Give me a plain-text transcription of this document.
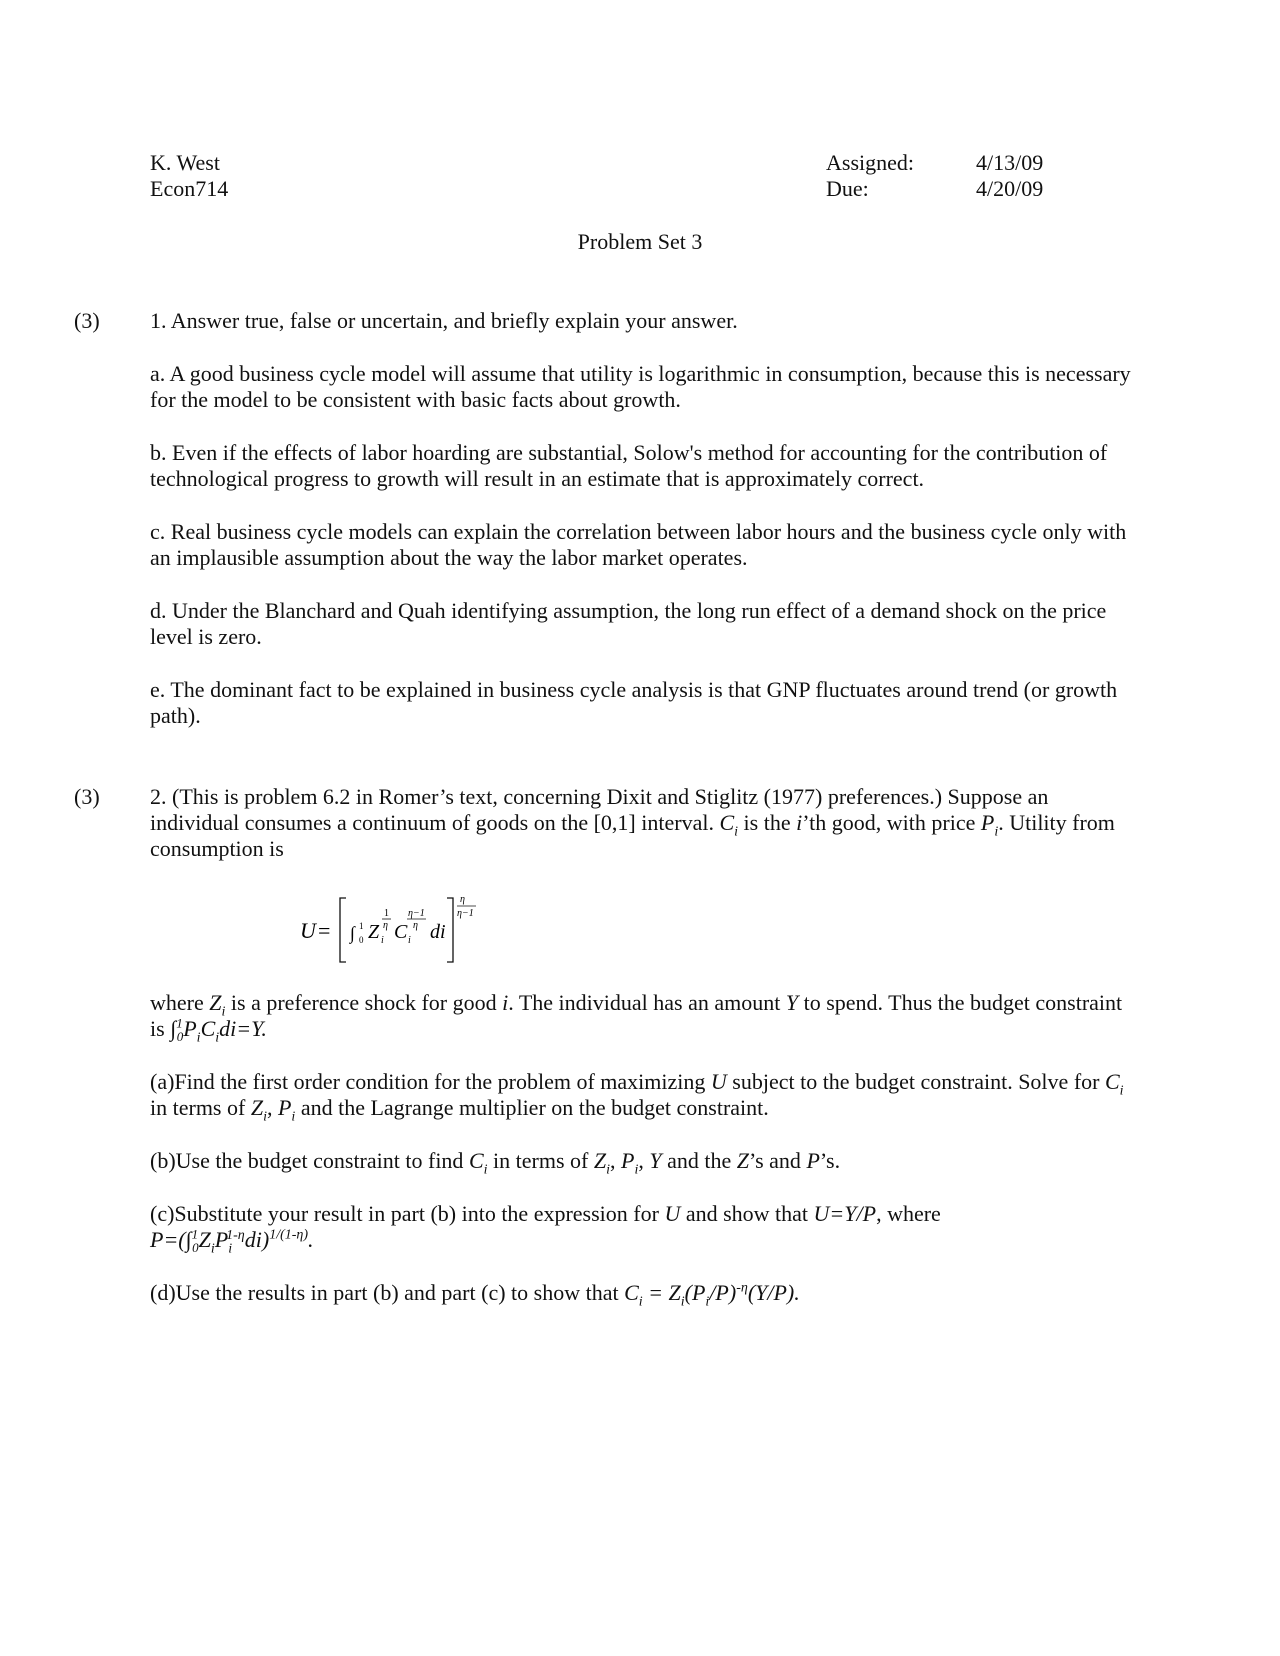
K. West
Econ714
Assigned:	4/13/09
Due:	4/20/09
Problem Set 3
(3) 1. Answer true, false or uncertain, and briefly explain your answer.
a. A good business cycle model will assume that utility is logarithmic in consumption, because this is necessary for the model to be consistent with basic facts about growth.
b. Even if the effects of labor hoarding are substantial, Solow's method for accounting for the contribution of technological progress to growth will result in an estimate that is approximately correct.
c. Real business cycle models can explain the correlation between labor hours and the business cycle only with an implausible assumption about the way the labor market operates.
d. Under the Blanchard and Quah identifying assumption, the long run effect of a demand shock on the price level is zero.
e. The dominant fact to be explained in business cycle analysis is that GNP fluctuates around trend (or growth path).
(3) 2. (This is problem 6.2 in Romer’s text, concerning Dixit and Stiglitz (1977) preferences.) Suppose an individual consumes a continuum of goods on the [0,1] interval. $C_i$ is the i’th good, with price $P_i$. Utility from consumption is
U = ∫ 1
0 Z i
1
η C i
η−1
η di
η
η−1
where $Z_i$ is a preference shock for good i. The individual has an amount Y to spend. Thus the budget constraint is $\int^1_0P_iC_idi=Y$.
(a)Find the first order condition for the problem of maximizing U subject to the budget constraint. Solve for $C_i$ in terms of $Z_i$, $P_i$ and the Lagrange multiplier on the budget constraint.
(b)Use the budget constraint to find $C_i$ in terms of $Z_i$, $P_i$, Y and the Z’s and P’s.
(c)Substitute your result in part (b) into the expression for U and show that U=Y/P, where
$P=(\int^1_0Z_iP_i^{1-\eta}di)^{1/(1-\eta)}$.
(d)Use the results in part (b) and part (c) to show that $C_i = Z_i(P_i/P)^{-\eta}(Y/P)$.
